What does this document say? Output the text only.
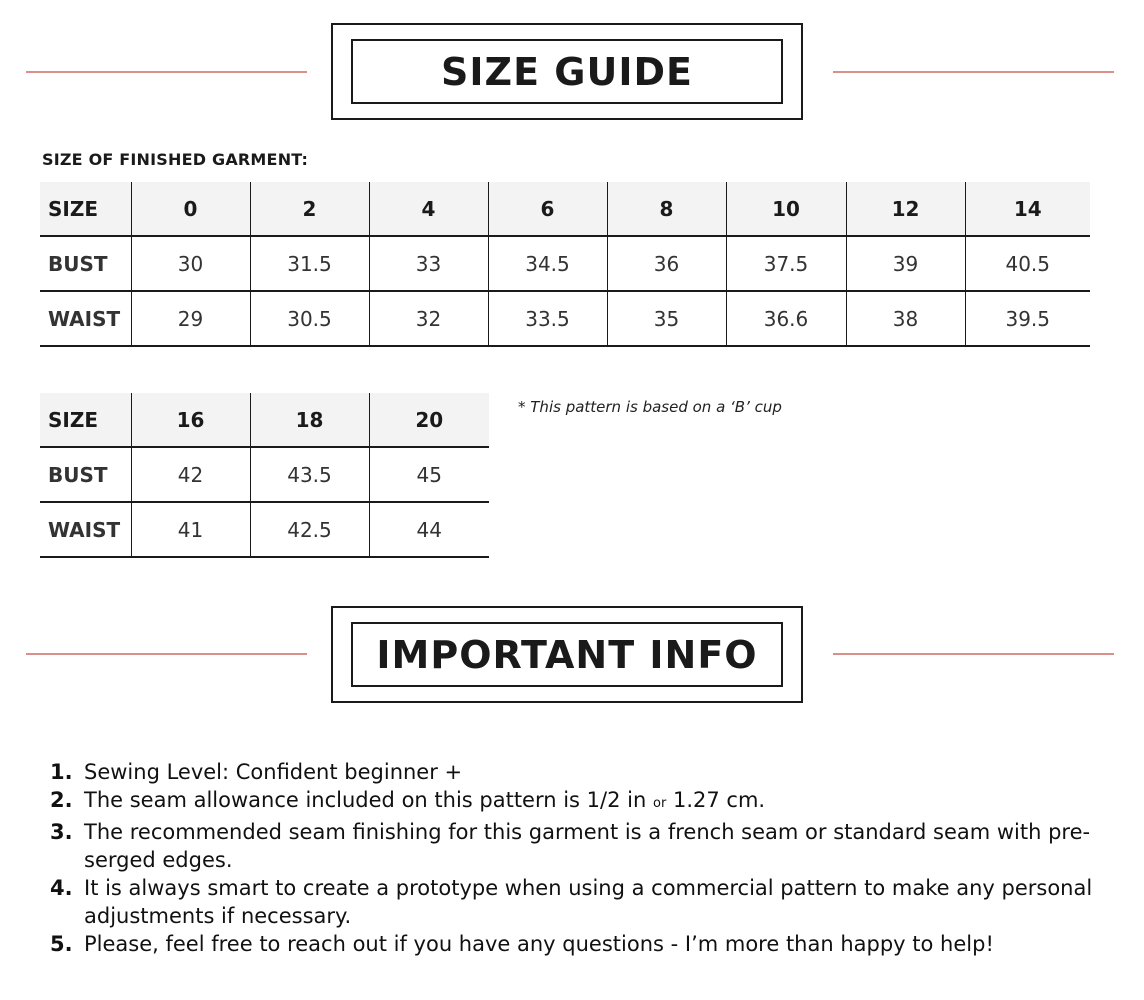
SIZE GUIDE
SIZE OF FINISHED GARMENT:
SIZE	0	2	4	6	8	10	12	14
BUST	30	31.5	33	34.5	36	37.5	39	40.5
WAIST	29	30.5	32	33.5	35	36.6	38	39.5
SIZE	16	18	20
BUST	42	43.5	45
WAIST	41	42.5	44
* This pattern is based on a ‘B’ cup
IMPORTANT INFO
1. Sewing Level: Confident beginner +
2. The seam allowance included on this pattern is 1/2 in or 1.27 cm.
3. The recommended seam finishing for this garment is a french seam or standard seam with pre-serged edges.
4. It is always smart to create a prototype when using a commercial pattern to make any personal adjustments if necessary.
5. Please, feel free to reach out if you have any questions - I’m more than happy to help!
